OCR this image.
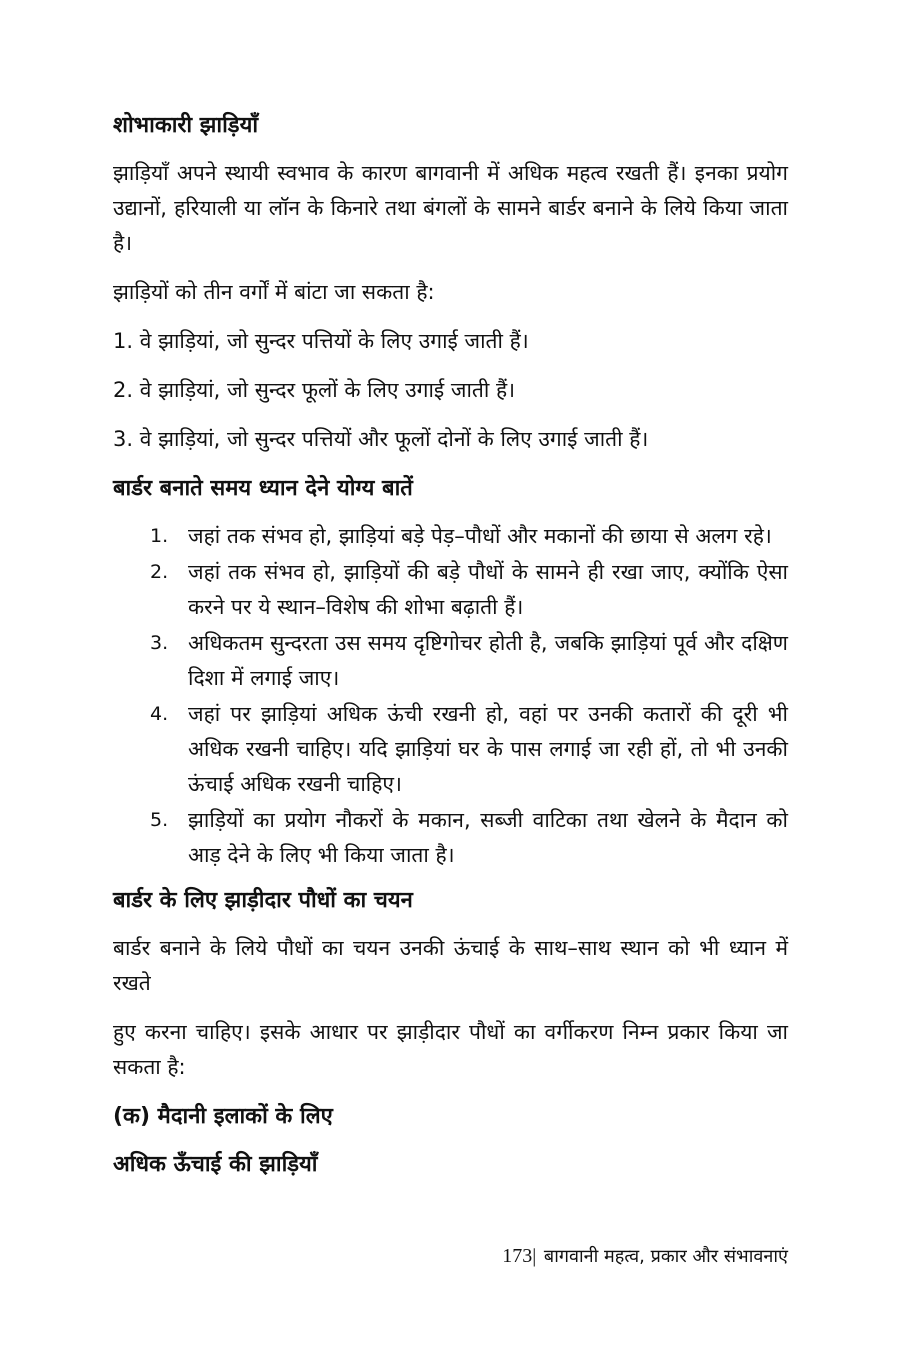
शोभाकारी झाड़ियाँ

झाड़ियाँ अपने स्थायी स्वभाव के कारण बागवानी में अधिक महत्व रखती हैं। इनका प्रयोग उद्यानों, हरियाली या लॉन के किनारे तथा बंगलों के सामने बार्डर बनाने के लिये किया जाता है।

झाड़ियों को तीन वर्गों में बांटा जा सकता है:

1. वे झाड़ियां, जो सुन्दर पत्तियों के लिए उगाई जाती हैं।
2. वे झाड़ियां, जो सुन्दर फूलों के लिए उगाई जाती हैं।
3. वे झाड़ियां, जो सुन्दर पत्तियों और फूलों दोनों के लिए उगाई जाती हैं।
बार्डर बनाते समय ध्यान देने योग्य बातें
1. जहां तक संभव हो, झाड़ियां बड़े पेड़–पौधों और मकानों की छाया से अलग रहे।
2. जहां तक संभव हो, झाड़ियों की बड़े पौधों के सामने ही रखा जाए, क्योंकि ऐसा करने पर ये स्थान–विशेष की शोभा बढ़ाती हैं।
3. अधिकतम सुन्दरता उस समय दृष्टिगोचर होती है, जबकि झाड़ियां पूर्व और दक्षिण दिशा में लगाई जाए।
4. जहां पर झाड़ियां अधिक ऊंची रखनी हो, वहां पर उनकी कतारों की दूरी भी अधिक रखनी चाहिए। यदि झाड़ियां घर के पास लगाई जा रही हों, तो भी उनकी ऊंचाई अधिक रखनी चाहिए।
5. झाड़ियों का प्रयोग नौकरों के मकान, सब्जी वाटिका तथा खेलने के मैदान को आड़ देने के लिए भी किया जाता है।
बार्डर के लिए झाड़ीदार पौधों का चयन

बार्डर बनाने के लिये पौधों का चयन उनकी ऊंचाई के साथ–साथ स्थान को भी ध्यान में रखते

हुए करना चाहिए। इसके आधार पर झाड़ीदार पौधों का वर्गीकरण निम्न प्रकार किया जा सकता है:

(क) मैदानी इलाकों के लिए
अधिक ऊँचाई की झाड़ियाँ
173| बागवानी महत्व, प्रकार और संभावनाएं
